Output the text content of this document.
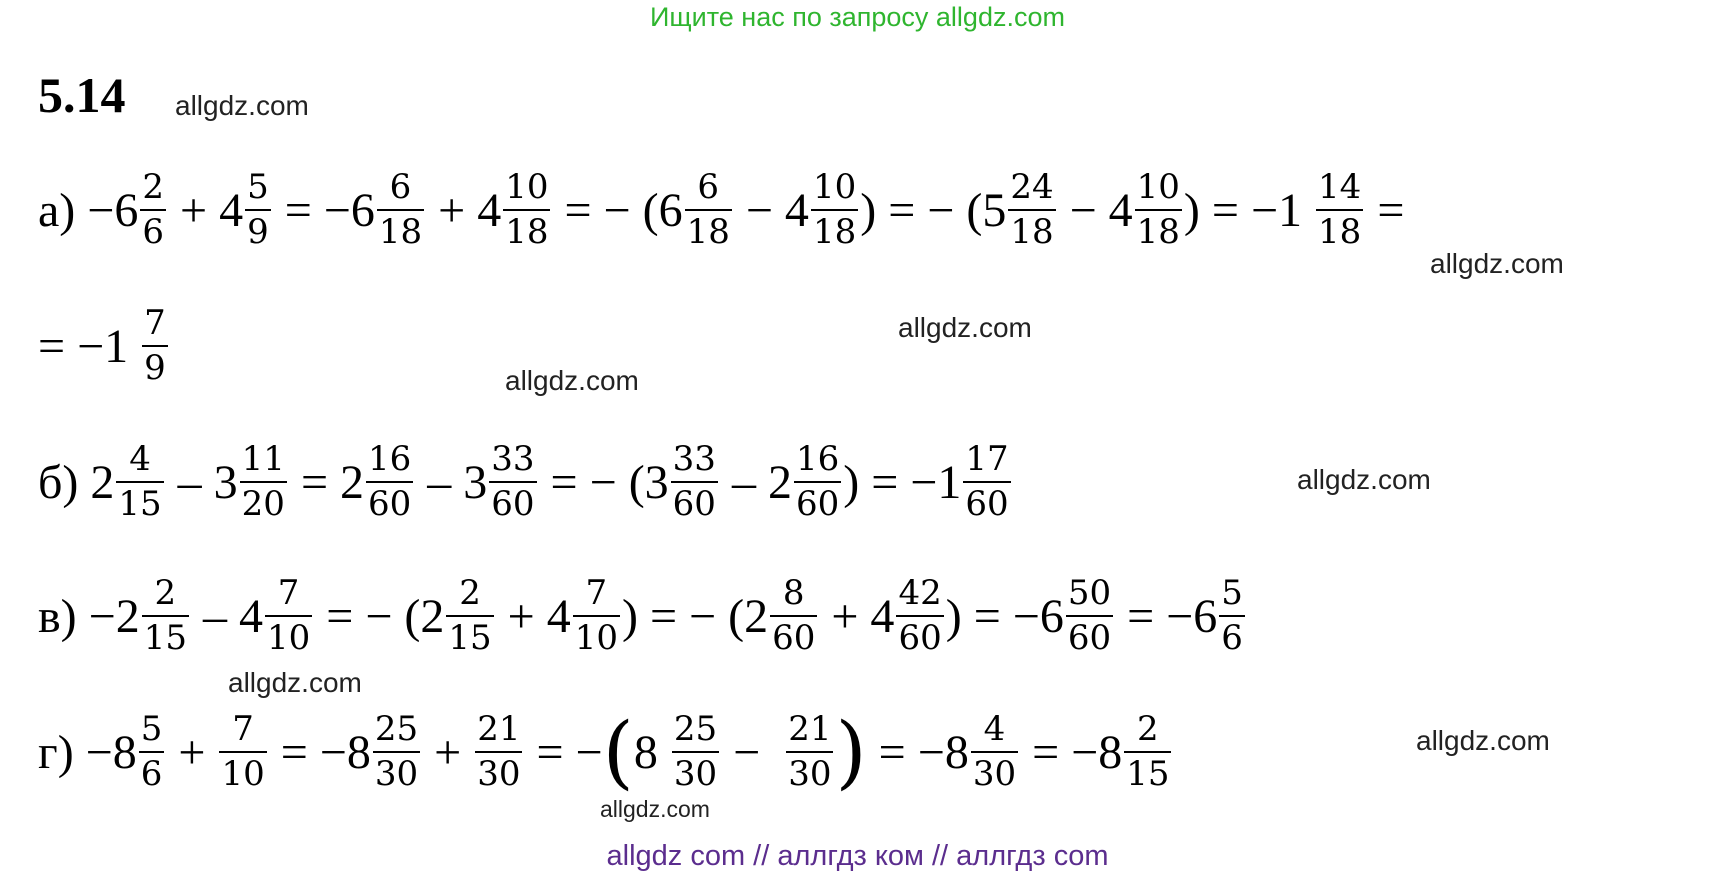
Ищите нас по запросу allgdz.com
5.14 allgdz.com
$а) -6 \frac{2}{6} + 4 \frac{5}{9} = -6 \frac{6}{18} + 4 \frac{10}{18}$ = − ($6 \frac{6}{18} - 4 \frac{10}{18}$ ) = − ($5 \frac{24}{18} - 4 \frac{10}{18}$ ) = $-1 \frac{14}{18}$ =
= $-1 \frac{7}{9}$
б) $2 \frac{4}{15} - 3 \frac{11}{20} = 2 \frac{16}{60} - 3 \frac{33}{60}$ = − ($3 \frac{33}{60} - 2 \frac{16}{60}$ ) = $-1 \frac{17}{60}$
$в) -2 \frac{2}{15} - 4 \frac{7}{10}$ = − ($2 \frac{2}{15} + 4 \frac{7}{10}$ ) = − ($2 \frac{8}{60} + 4 \frac{42}{60}$ ) = $-6 \frac{50}{60} = -6 \frac{5}{6}$
$г) -8 \frac{5}{6} + \frac{7}{10} = -8 \frac{25}{30} + \frac{21}{30}$ = − ( $8 \frac{25}{30} - \frac{21}{30}$ ) = $-8 \frac{4}{30} = -8 \frac{2}{15}$
allgdz.com
allgdz.com
allgdz.com
allgdz.com
allgdz.com
allgdz.com
allgdz.com
allgdz com // аллгдз ком // аллгдз com
